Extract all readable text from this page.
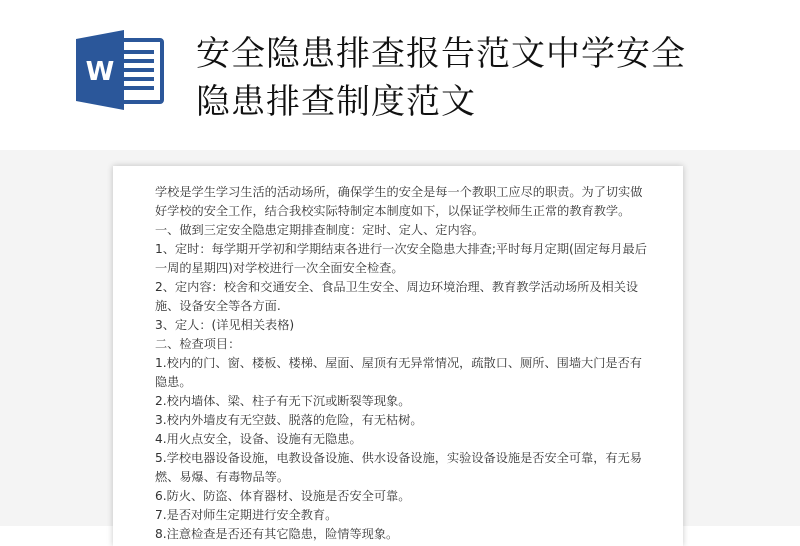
W 安全隐患排查报告范文中学安全
隐患排查制度范文

学校是学生学习生活的活动场所，确保学生的安全是每一个教职工应尽的职责。为了切实做

好学校的安全工作，结合我校实际特制定本制度如下，以保证学校师生正常的教育教学。

一、做到三定安全隐患定期排查制度：定时、定人、定内容。

1、定时：每学期开学初和学期结束各进行一次安全隐患大排查;平时每月定期(固定每月最后

一周的星期四)对学校进行一次全面安全检查。

2、定内容：校舍和交通安全、食品卫生安全、周边环境治理、教育教学活动场所及相关设

施、设备安全等各方面.

3、定人：(详见相关表格)

二、检查项目：

1.校内的门、窗、楼板、楼梯、屋面、屋顶有无异常情况，疏散口、厕所、围墙大门是否有

隐患。

2.校内墙体、梁、柱子有无下沉或断裂等现象。

3.校内外墙皮有无空鼓、脱落的危险，有无枯树。

4.用火点安全，设备、设施有无隐患。

5.学校电器设备设施，电教设备设施、供水设备设施，实验设备设施是否安全可靠，有无易

燃、易爆、有毒物品等。

6.防火、防盗、体育器材、设施是否安全可靠。

7.是否对师生定期进行安全教育。

8.注意检查是否还有其它隐患，险情等现象。
